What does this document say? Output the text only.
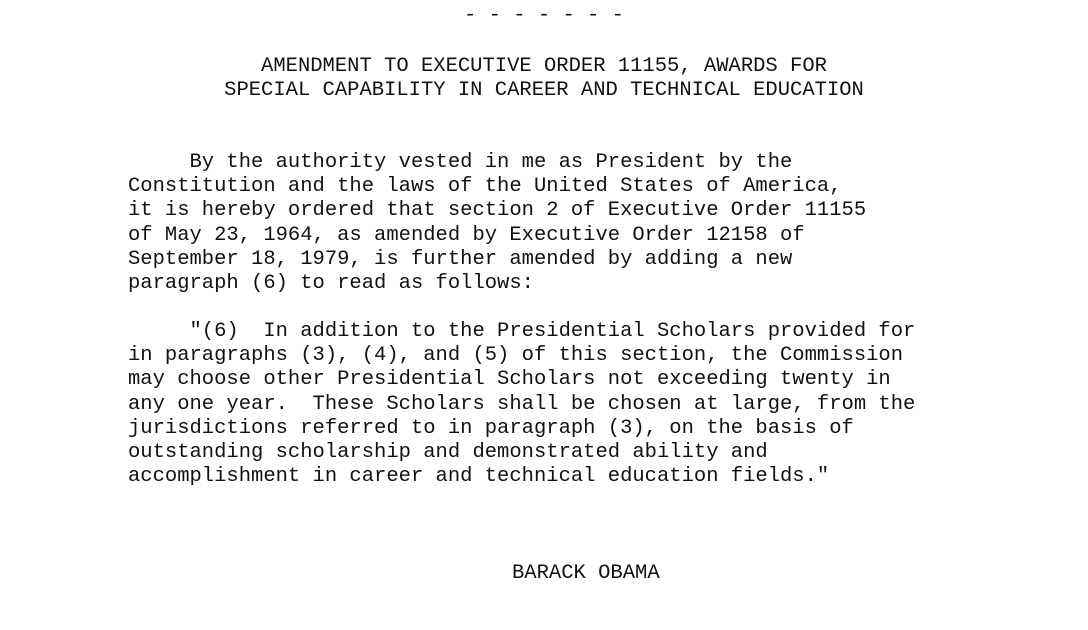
- - - - - - -
AMENDMENT TO EXECUTIVE ORDER 11155, AWARDS FOR
SPECIAL CAPABILITY IN CAREER AND TECHNICAL EDUCATION

By the authority vested in me as President by the
Constitution and the laws of the United States of America,
it is hereby ordered that section 2 of Executive Order 11155
of May 23, 1964, as amended by Executive Order 12158 of
September 18, 1979, is further amended by adding a new
paragraph (6) to read as follows:

"(6)  In addition to the Presidential Scholars provided for
in paragraphs (3), (4), and (5) of this section, the Commission
may choose other Presidential Scholars not exceeding twenty in
any one year.  These Scholars shall be chosen at large, from the
jurisdictions referred to in paragraph (3), on the basis of
outstanding scholarship and demonstrated ability and
accomplishment in career and technical education fields."

BARACK OBAMA
